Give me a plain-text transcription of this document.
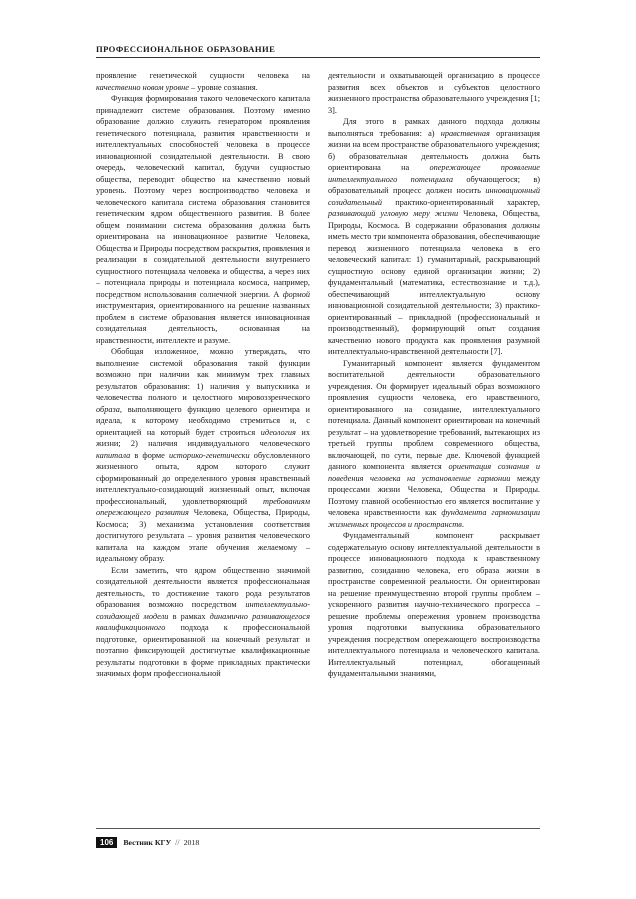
ПРОФЕССИОНАЛЬНОЕ ОБРАЗОВАНИЕ

проявление генетической сущности человека на качественно новом уровне – уровне сознания.

Функция формирования такого человеческого капитала принадлежит системе образования. Поэтому именно образование должно служить генератором проявления генетического потенциала, развития нравственности и интеллектуальных способностей человека в процессе инновационной созидательной деятельности. В свою очередь, человеческий капитал, будучи сущностью общества, переводит общество на качественно новый уровень. Поэтому через воспроизводство человека и человеческого капитала система образования становится генетическим ядром общественного развития. В более общем понимании система образования должна быть ориентирована на инновационное развитие Человека, Общества и Природы посредством раскрытия, проявления и реализации в созидательной деятельности внутреннего сущностного потенциала человека и общества, а через них – потенциала природы и потенциала космоса, например, посредством использования солнечной энергии. А формой инструментария, ориентированного на решение названных проблем в системе образования является инновационная созидательная деятельность, основанная на нравственности, интеллекте и разуме.

Обобщая изложенное, можно утверждать, что выполнение системой образования такой функции возможно при наличии как минимум трех главных результатов образования: 1) наличия у выпускника и человечества полного и целостного мировоззренческого образа, выполняющего функцию целевого ориентира и идеала, к которому необходимо стремиться и, с ориентацией на который будет строиться идеология их жизни; 2) наличия индивидуального человеческого капитала в форме историко-генетически обусловленного жизненного опыта, ядром которого служит сформированный до определенного уровня нравственный интеллектуально-созидающий жизненный опыт, включая профессиональный, удовлетворяющий требованиям опережающего развития Человека, Общества, Природы, Космоса; 3) механизма установления соответствия достигнутого результата – уровня развития человеческого капитала на каждом этапе обучения желаемому – идеальному образу.

Если заметить, что ядром общественно значимой созидательной деятельности является профессиональная деятельность, то достижение такого рода результатов образования возможно посредством интеллектуально-созидающей модели в рамках динамично развивающегося квалификационного подхода к профессиональной подготовке, ориентированной на конечный результат и поэтапно фиксирующей достигнутые квалификационные результаты подготовки в форме прикладных практически значимых форм профессиональной

деятельности и охватывающей организацию в процессе развития всех объектов и субъектов целостного жизненного пространства образовательного учреждения [1; 3].

Для этого в рамках данного подхода должны выполняться требования: а) нравственная организация жизни на всем пространстве образовательного учреждения; б) образовательная деятельность должна быть ориентирована на опережающее проявление интеллектуального потенциала обучающегося; в) образовательный процесс должен носить инновационный созидательный практико-ориентированный характер, развивающий угловую меру жизни Человека, Общества, Природы, Космоса. В содержании образования должны иметь место три компонента образования, обеспечивающие перевод жизненного потенциала человека в его человеческий капитал: 1) гуманитарный, раскрывающий сущностную основу единой организации жизни; 2) фундаментальный (математика, естествознание и т.д.), обеспечивающий интеллектуальную основу инновационной созидательной деятельности; 3) практико-ориентированный – прикладной (профессиональный и производственный), формирующий опыт создания качественно нового продукта как проявления разумной интеллектуально-нравственной деятельности [7].

Гуманитарный компонент является фундаментом воспитательной деятельности образовательного учреждения. Он формирует идеальный образ возможного проявления сущности человека, его нравственного, ориентированного на созидание, интеллектуального потенциала. Данный компонент ориентирован на конечный результат – на удовлетворение требований, вытекающих из третьей группы проблем современного общества, включающей, по сути, первые две. Ключевой функцией данного компонента является ориентация сознания и поведения человека на установление гармонии между процессами жизни Человека, Общества и Природы. Поэтому главной особенностью его является воспитание у человека нравственности как фундамента гармонизации жизненных процессов и пространств.

Фундаментальный компонент раскрывает содержательную основу интеллектуальной деятельности в процессе инновационного подхода к нравственному развитию, созиданию человека, его образа жизни в пространстве современной реальности. Он ориентирован на решение преимущественно второй группы проблем – ускоренного развития научно-технического прогресса – решение проблемы опережения уровнем производства уровня подготовки выпускника образовательного учреждения посредством опережающего воспроизводства интеллектуального потенциала и человеческого капитала. Интеллектуальный потенциал, обогащенный фундаментальными знаниями,

106	Вестник КГУ // 2018
